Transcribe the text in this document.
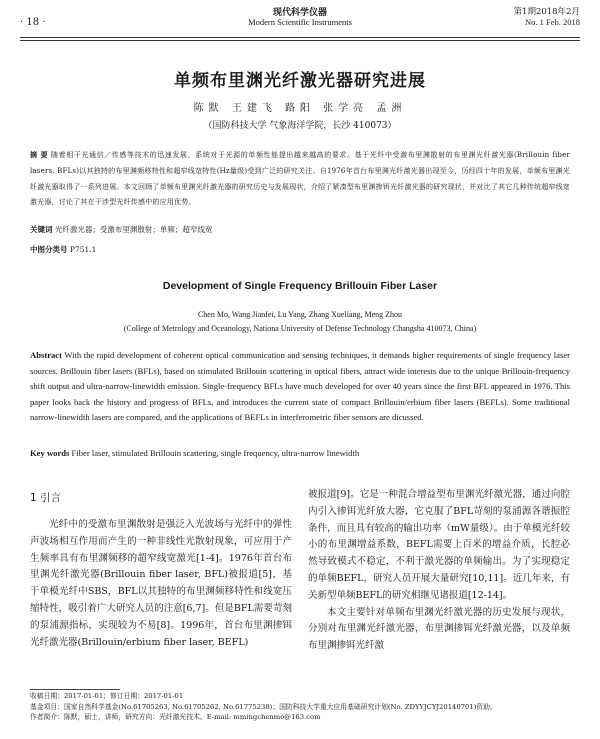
· 18 ·
现代科学仪器
Modern Scientific Instruments
第1期2018年2月
No. 1 Feb. 2018
单频布里渊光纤激光器研究进展
陈默 王建飞 路阳 张学亮 孟洲
（国防科技大学 气象海洋学院，长沙 410073）
摘 要 随着相干光通信／传感等技术的迅速发展，系统对于光源的单频性能提出越来越高的要求。基于光纤中受激布里渊散射的布里渊光纤激光器(Brillouin fiber lasers, BFLs)以其独特的布里渊频移特性和超窄线宽特性(Hz量级)受到广泛的研究关注。自1976年首台布里渊光纤激光器出现至今，历经四十年的发展，单频布里渊光纤激光器取得了一系列进展。本文回顾了单频布里渊光纤激光器的研究历史与发展现状，介绍了紧凑型布里渊掺铒光纤激光器的研究现状，并对比了其它几种传统超窄线宽激光器，讨论了其在干涉型光纤传感中的应用优势。
关键词 光纤激光器；受激布里渊散射；单频；超窄线宽
中图分类号 P751.1
Development of Single Frequency Brillouin Fiber Laser
Chen Mo, Wang Jianfei, Lu Yang, Zhang Xueliang, Meng Zhou
(College of Metrology and Oceanology, Nationa University of Defense Technology Changsha 410073, China)
Abstract With the rapid development of coherent optical communication and sensing techniques, it demands higher requirements of single frequency laser sources. Brillouin fiber lasers (BFLs), based on stimulated Brillouin scattering in optical fibers, attract wide interests due to the unique Brillouin-frequency shift output and ultra-narrow-linewidth emission. Single-frequency BFLs have much developed for over 40 years since the first BFL appeared in 1976. This paper looks back the history and progress of BFLs, and introduces the current state of compact Brillouin/erbium fiber lasers (BEFLs). Some traditional narrow-linewidth lasers are compared, and the applications of BEFLs in interferometric fiber sensors are dicussed.
Key words Fiber laser, stimulated Brillouin scattering, single frequency, ultra-narrow linewidth
1 引言
光纤中的受激布里渊散射是强泛入光波场与光纤中的弹性声波场相互作用而产生的一种非线性光散射现象，可应用于产生频率具有布里渊频移的超窄线宽激光[1-4]。1976年首台布里渊光纤激光器(Brillouin fiber laser, BFL)被报道[5]，基于单模光纤中SBS，BFL以其独特的布里渊频移特性和线宽压缩特性，吸引着广大研究人员的注意[6,7]。但是BFL需要苛刻的泵浦源指标，实现较为不易[8]。1996年，首台布里渊掺铒光纤激光器(Brillouin/erbium fiber laser, BEFL)
被报道[9]。它是一种混合增益型布里渊光纤激光器，通过向腔内引入掺铒光纤放大器，它克服了BFL苛刻的泵浦源各谐振腔条件，而且具有较高的输出功率（mW量级）。由于单模光纤较小的布里渊增益系数，BEFL需要上百米的增益介质，长腔必然导致模式不稳定，不利于激光器的单频输出。为了实现稳定的单频BEFL，研究人员开展大量研究[10,11]。近几年来，有关新型单频BEFL的研究相继见诸报道[12-14]。
本文主要针对单频布里渊光纤激光器的历史发展与现状，分别对布里渊光纤激光器，布里渊掺铒光纤激光器，以及单频布里渊掺铒光纤激
收稿日期：2017-01-01；修订日期：2017-01-01
基金项目：国家自然科学基金(No.61705263, No.61705262, No.61775238)；国防科技大学重大应用基础研究计划(No. ZDYYJCYJ20140701)资助。
作者简介：陈默，硕士，讲师，研究方向：光纤激光技术。E-mail: mmingchenmo@163.com
